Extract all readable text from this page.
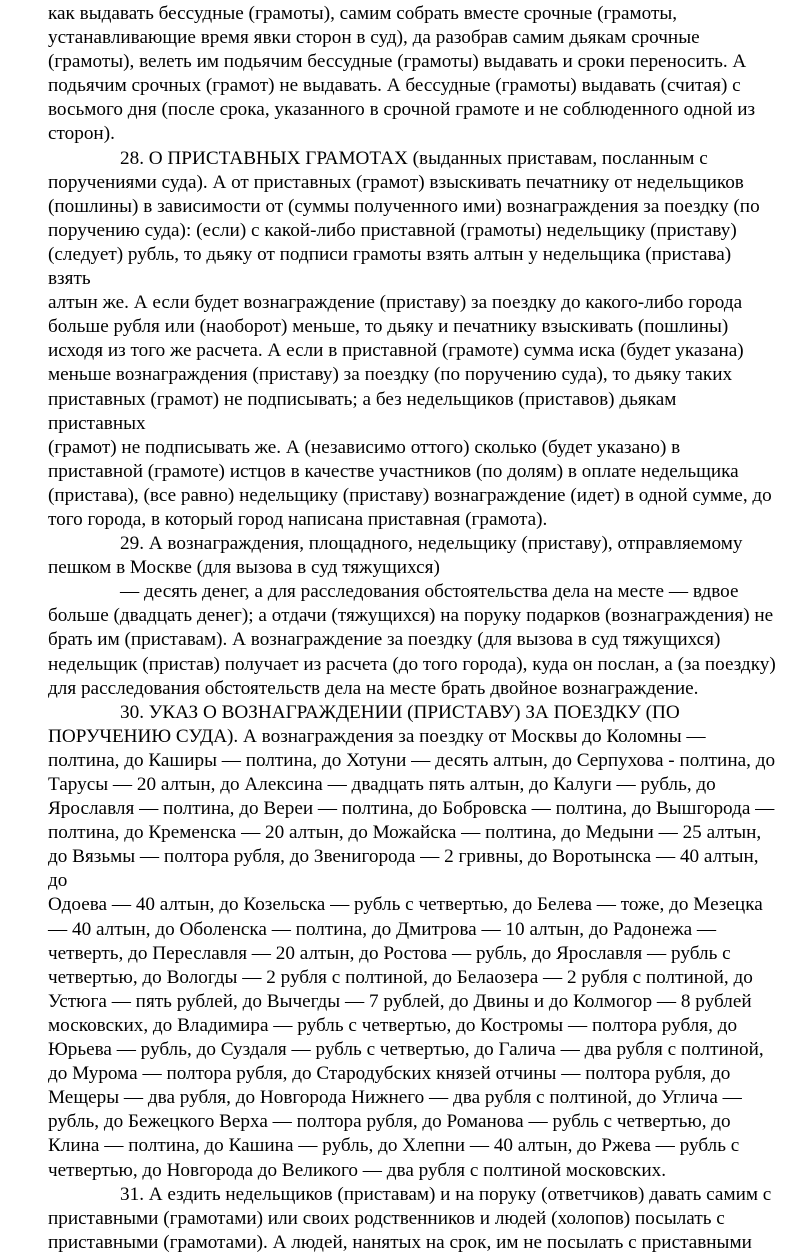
как выдавать бессудные (грамоты), самим собрать вместе срочные (грамоты,
устанавливающие время явки сторон в суд), да разобрав самим дьякам срочные
(грамоты), велеть им подьячим бессудные (грамоты) выдавать и сроки переносить. А
подьячим срочных (грамот) не выдавать. А бессудные (грамоты) выдавать (считая) с
восьмого дня (после срока, указанного в срочной грамоте и не соблюденного одной из
сторон).

28. О ПРИСТАВНЫХ ГРАМОТАХ (выданных приставам, посланным с
поручениями суда). А от приставных (грамот) взыскивать печатнику от недельщиков
(пошлины) в зависимости от (суммы полученного ими) вознаграждения за поездку (по
поручению суда): (если) с какой-либо приставной (грамоты) недельщику (приставу)
(следует) рубль, то дьяку от подписи грамоты взять алтын у недельщика (пристава) взять
алтын же. А если будет вознаграждение (приставу) за поездку до какого-либо города
больше рубля или (наоборот) меньше, то дьяку и печатнику взыскивать (пошлины)
исходя из того же расчета. А если в приставной (грамоте) сумма иска (будет указана)
меньше вознаграждения (приставу) за поездку (по поручению суда), то дьяку таких
приставных (грамот) не подписывать; а без недельщиков (приставов) дьякам приставных
(грамот) не подписывать же. А (независимо оттого) сколько (будет указано) в
приставной (грамоте) истцов в качестве участников (по долям) в оплате недельщика
(пристава), (все равно) недельщику (приставу) вознаграждение (идет) в одной сумме, до
того города, в который город написана приставная (грамота).

29. А вознаграждения, площадного, недельщику (приставу), отправляемому
пешком в Москве (для вызова в суд тяжущихся)

— десять денег, а для расследования обстоятельства дела на месте — вдвое
больше (двадцать денег); а отдачи (тяжущихся) на поруку подарков (вознаграждения) не
брать им (приставам). А вознаграждение за поездку (для вызова в суд тяжущихся)
недельщик (пристав) получает из расчета (до того города), куда он послан, а (за поездку)
для расследования обстоятельств дела на месте брать двойное вознаграждение.

30. УКАЗ О ВОЗНАГРАЖДЕНИИ (ПРИСТАВУ) ЗА ПОЕЗДКУ (ПО
ПОРУЧЕНИЮ СУДА). А вознаграждения за поездку от Москвы до Коломны —
полтина, до Каширы — полтина, до Хотуни — десять алтын, до Серпухова - полтина, до
Тарусы — 20 алтын, до Алексина — двадцать пять алтын, до Калуги — рубль, до
Ярославля — полтина, до Вереи — полтина, до Бобровска — полтина, до Вышгорода —
полтина, до Кременска — 20 алтын, до Можайска — полтина, до Медыни — 25 алтын,
до Вязьмы — полтора рубля, до Звенигорода — 2 гривны, до Воротынска — 40 алтын, до
Одоева — 40 алтын, до Козельска — рубль с четвертью, до Белева — тоже, до Мезецка
— 40 алтын, до Оболенска — полтина, до Дмитрова — 10 алтын, до Радонежа —
четверть, до Переславля — 20 алтын, до Ростова — рубль, до Ярославля — рубль с
четвертью, до Вологды — 2 рубля с полтиной, до Белаозера — 2 рубля с полтиной, до
Устюга — пять рублей, до Вычегды — 7 рублей, до Двины и до Колмогор — 8 рублей
московских, до Владимира — рубль с четвертью, до Костромы — полтора рубля, до
Юрьева — рубль, до Суздаля — рубль с четвертью, до Галича — два рубля с полтиной,
до Мурома — полтора рубля, до Стародубских князей отчины — полтора рубля, до
Мещеры — два рубля, до Новгорода Нижнего — два рубля с полтиной, до Углича —
рубль, до Бежецкого Верха — полтора рубля, до Романова — рубль с четвертью, до
Клина — полтина, до Кашина — рубль, до Хлепни — 40 алтын, до Ржева — рубль с
четвертью, до Новгорода до Великого — два рубля с полтиной московских.

31. А ездить недельщиков (приставам) и на поруку (ответчиков) давать самим с
приставными (грамотами) или своих родственников и людей (холопов) посылать с
приставными (грамотами). А людей, нанятых на срок, им не посылать с приставными
